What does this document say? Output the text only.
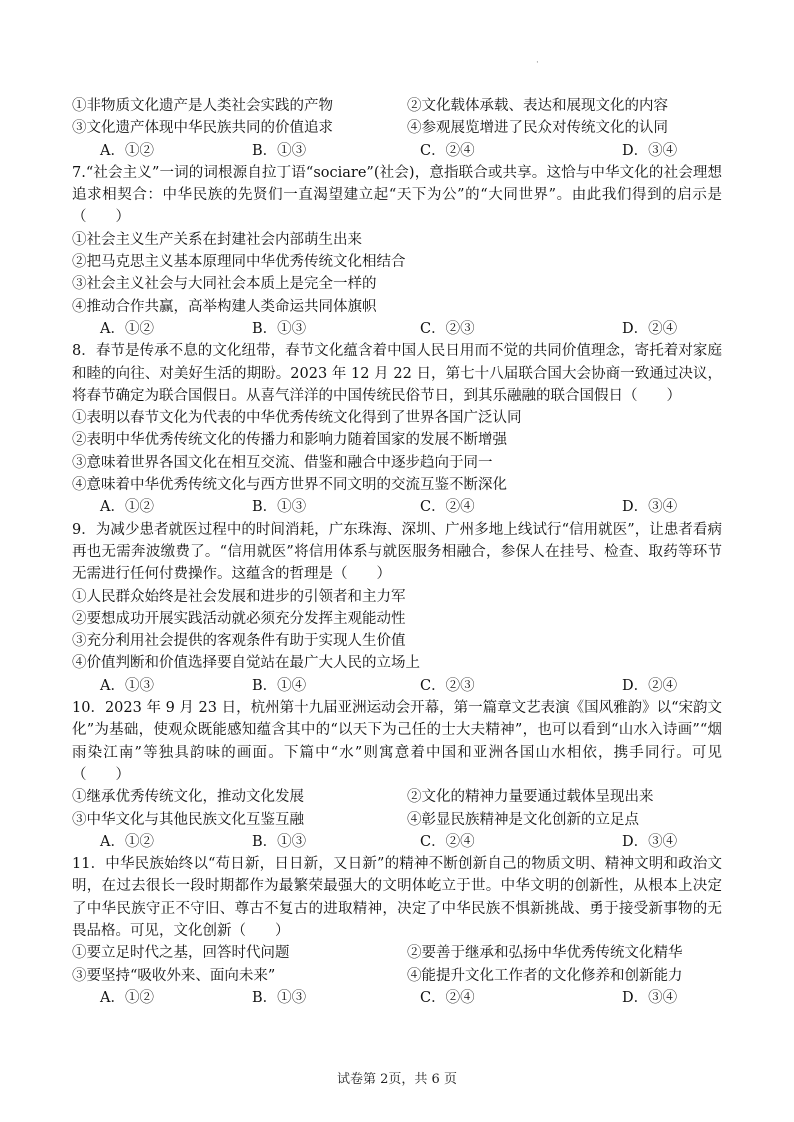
·
①非物质文化遗产是人类社会实践的产物	②文化载体承载、表达和展现文化的内容
③文化遗产体现中华民族共同的价值追求	④参观展览增进了民众对传统文化的认同
A．①②	B．①③	C．②④	D．③④
7.“社会主义”一词的词根源自拉丁语“sociare”(社会)，意指联合或共享。这恰与中华文化的社会理想追求相契合：中华民族的先贤们一直渴望建立起“天下为公”的“大同世界”。由此我们得到的启示是（　　）
①社会主义生产关系在封建社会内部萌生出来
②把马克思主义基本原理同中华优秀传统文化相结合
③社会主义社会与大同社会本质上是完全一样的
④推动合作共赢，高举构建人类命运共同体旗帜
A．①②	B．①③	C．②③	D．②④
8．春节是传承不息的文化纽带，春节文化蕴含着中国人民日用而不觉的共同价值理念，寄托着对家庭和睦的向往、对美好生活的期盼。2023 年 12 月 22 日，第七十八届联合国大会协商一致通过决议，将春节确定为联合国假日。从喜气洋洋的中国传统民俗节日，到其乐融融的联合国假日（　　）
①表明以春节文化为代表的中华优秀传统文化得到了世界各国广泛认同
②表明中华优秀传统文化的传播力和影响力随着国家的发展不断增强
③意味着世界各国文化在相互交流、借鉴和融合中逐步趋向于同一
④意味着中华优秀传统文化与西方世界不同文明的交流互鉴不断深化
A．①②	B．①③	C．②④	D．③④
9．为减少患者就医过程中的时间消耗，广东珠海、深圳、广州多地上线试行“信用就医”，让患者看病再也无需奔波缴费了。“信用就医”将信用体系与就医服务相融合，参保人在挂号、检查、取药等环节无需进行任何付费操作。这蕴含的哲理是（　　）
①人民群众始终是社会发展和进步的引领者和主力军
②要想成功开展实践活动就必须充分发挥主观能动性
③充分利用社会提供的客观条件有助于实现人生价值
④价值判断和价值选择要自觉站在最广大人民的立场上
A．①③	B．①④	C．②③	D．②④
10．2023 年 9 月 23 日，杭州第十九届亚洲运动会开幕，第一篇章文艺表演《国风雅韵》以“宋韵文化”为基础，使观众既能感知蕴含其中的“以天下为己任的士大夫精神”，也可以看到“山水入诗画”“烟雨染江南”等独具韵味的画面。下篇中“水”则寓意着中国和亚洲各国山水相依，携手同行。可见（　　）
①继承优秀传统文化，推动文化发展	②文化的精神力量要通过载体呈现出来
③中华文化与其他民族文化互鉴互融	④彰显民族精神是文化创新的立足点
A．①②	B．①③	C．②④	D．③④
11．中华民族始终以“苟日新，日日新，又日新”的精神不断创新自己的物质文明、精神文明和政治文明，在过去很长一段时期都作为最繁荣最强大的文明体屹立于世。中华文明的创新性，从根本上决定了中华民族守正不守旧、尊古不复古的进取精神，决定了中华民族不惧新挑战、勇于接受新事物的无畏品格。可见，文化创新（　　）
①要立足时代之基，回答时代问题	②要善于继承和弘扬中华优秀传统文化精华
③要坚持“吸收外来、面向未来”	④能提升文化工作者的文化修养和创新能力
A．①②	B．①③	C．②④	D．③④
试卷第 2页，共 6 页
